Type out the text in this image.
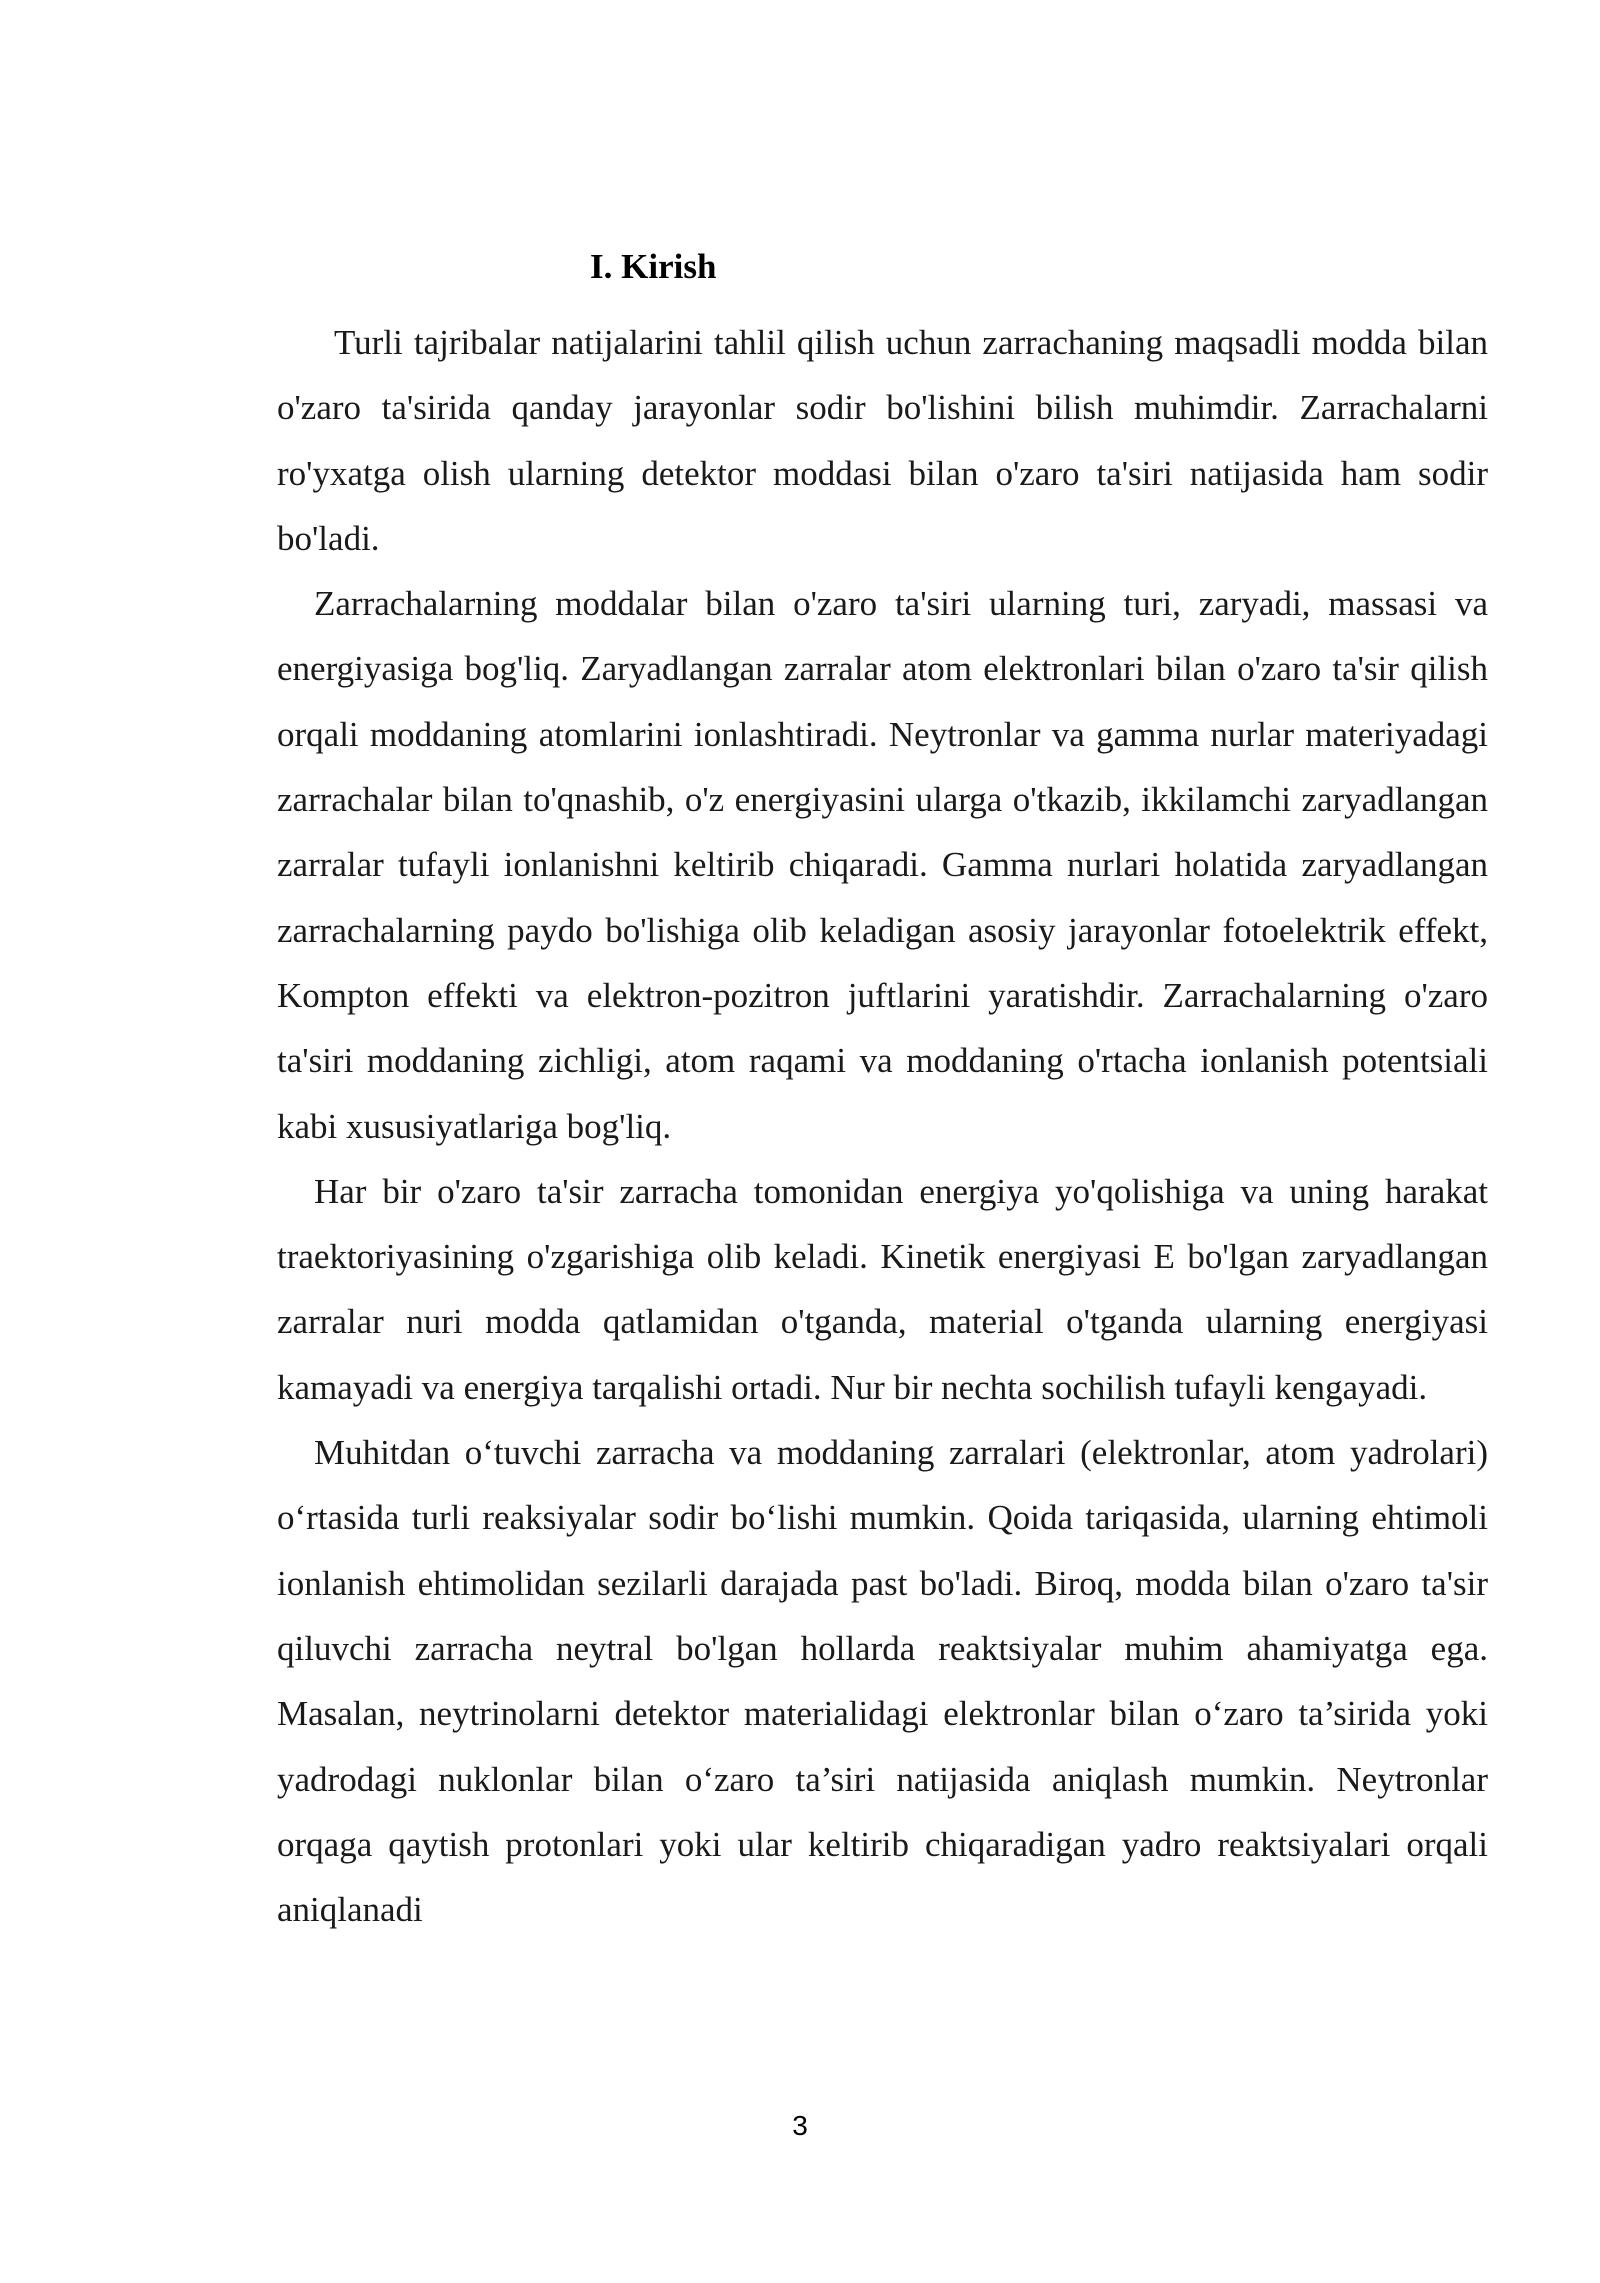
I. Kirish

Turli tajribalar natijalarini tahlil qilish uchun zarrachaning maqsadli modda bilan o'zaro ta'sirida qanday jarayonlar sodir bo'lishini bilish muhimdir. Zarrachalarni ro'yxatga olish ularning detektor moddasi bilan o'zaro ta'siri natijasida ham sodir bo'ladi.

Zarrachalarning moddalar bilan o'zaro ta'siri ularning turi, zaryadi, massasi va energiyasiga bog'liq. Zaryadlangan zarralar atom elektronlari bilan o'zaro ta'sir qilish orqali moddaning atomlarini ionlashtiradi. Neytronlar va gamma nurlar materiyadagi zarrachalar bilan to'qnashib, o'z energiyasini ularga o'tkazib, ikkilamchi zaryadlangan zarralar tufayli ionlanishni keltirib chiqaradi. Gamma nurlari holatida zaryadlangan zarrachalarning paydo bo'lishiga olib keladigan asosiy jarayonlar fotoelektrik effekt, Kompton effekti va elektron-pozitron juftlarini yaratishdir. Zarrachalarning o'zaro ta'siri moddaning zichligi, atom raqami va moddaning o'rtacha ionlanish potentsiali kabi xususiyatlariga bog'liq.

Har bir o'zaro ta'sir zarracha tomonidan energiya yo'qolishiga va uning harakat traektoriyasining o'zgarishiga olib keladi. Kinetik energiyasi E bo'lgan zaryadlangan zarralar nuri modda qatlamidan o'tganda, material o'tganda ularning energiyasi kamayadi va energiya tarqalishi ortadi. Nur bir nechta sochilish tufayli kengayadi.

Muhitdan o‘tuvchi zarracha va moddaning zarralari (elektronlar, atom yadrolari) o‘rtasida turli reaksiyalar sodir bo‘lishi mumkin. Qoida tariqasida, ularning ehtimoli ionlanish ehtimolidan sezilarli darajada past bo'ladi. Biroq, modda bilan o'zaro ta'sir qiluvchi zarracha neytral bo'lgan hollarda reaktsiyalar muhim ahamiyatga ega. Masalan, neytrinolarni detektor materialidagi elektronlar bilan o‘zaro ta’sirida yoki yadrodagi nuklonlar bilan o‘zaro ta’siri natijasida aniqlash mumkin. Neytronlar orqaga qaytish protonlari yoki ular keltirib chiqaradigan yadro reaktsiyalari orqali aniqlanadi

3
